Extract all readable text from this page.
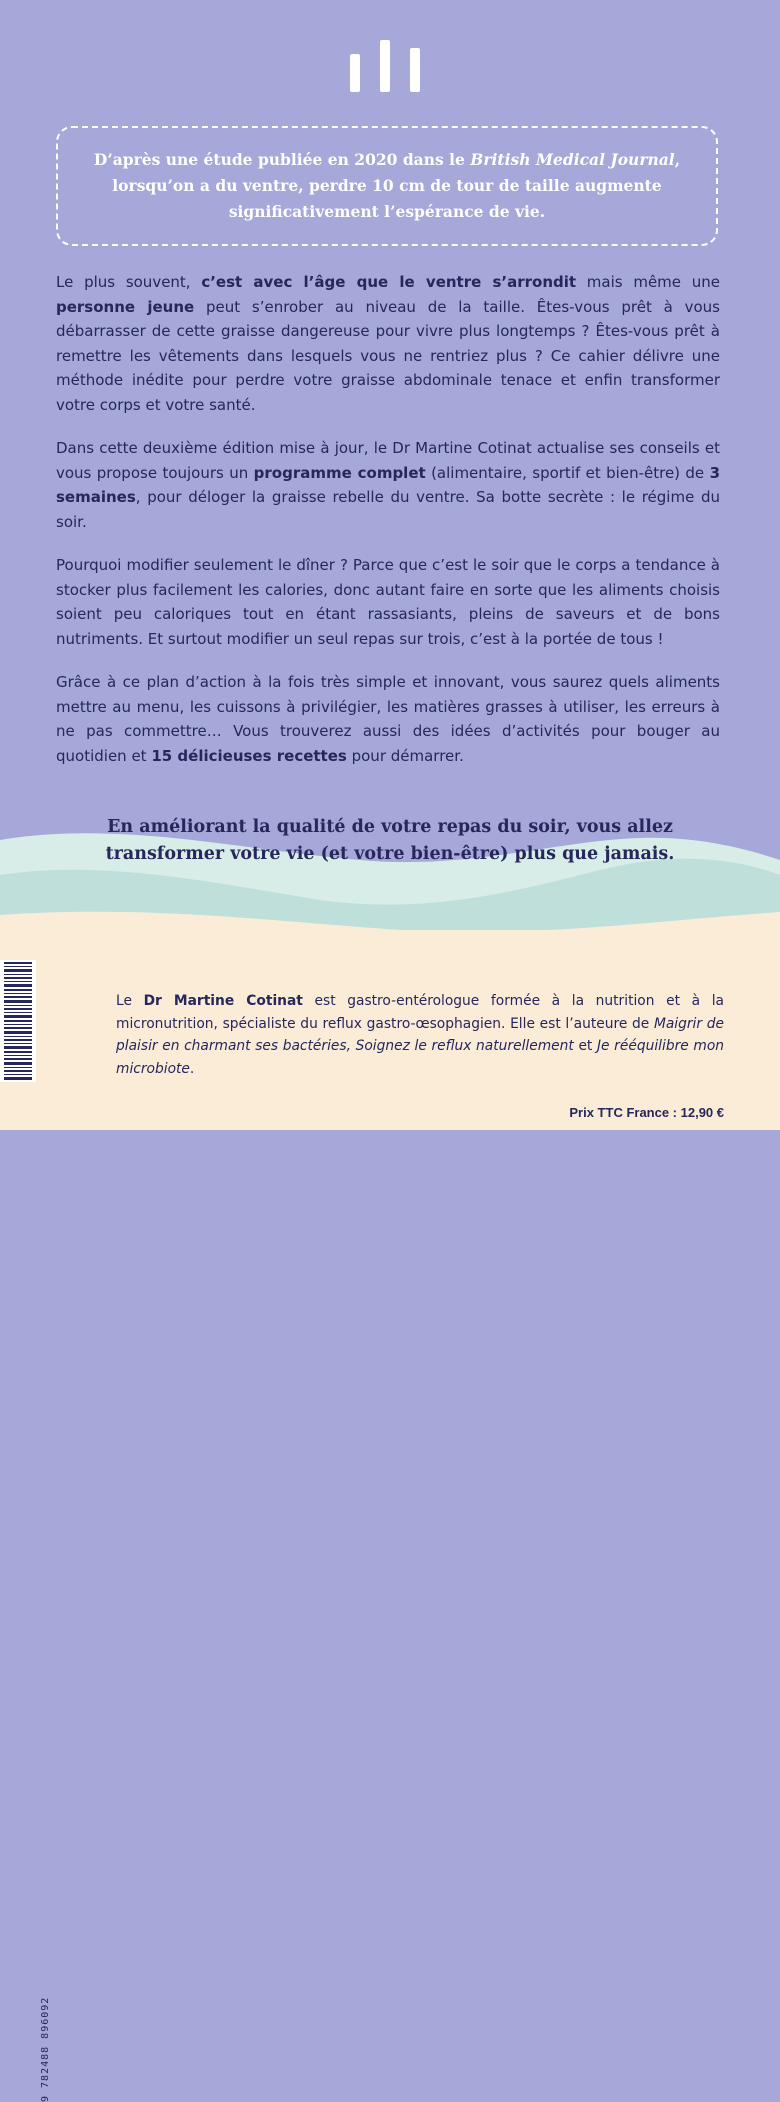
D’après une étude publiée en 2020 dans le British Medical Journal,
lorsqu’on a du ventre, perdre 10 cm de tour de taille augmente
significativement l’espérance de vie.

Le plus souvent, c’est avec l’âge que le ventre s’arrondit mais même une personne jeune peut s’enrober au niveau de la taille. Êtes-vous prêt à vous débarrasser de cette graisse dangereuse pour vivre plus longtemps ? Êtes-vous prêt à remettre les vêtements dans lesquels vous ne rentriez plus ? Ce cahier délivre une méthode inédite pour perdre votre graisse abdominale tenace et enfin transformer votre corps et votre santé.

Dans cette deuxième édition mise à jour, le Dr Martine Cotinat actualise ses conseils et vous propose toujours un programme complet (alimentaire, sportif et bien-être) de 3 semaines, pour déloger la graisse rebelle du ventre. Sa botte secrète : le régime du soir.

Pourquoi modifier seulement le dîner ? Parce que c’est le soir que le corps a tendance à stocker plus facilement les calories, donc autant faire en sorte que les aliments choisis soient peu caloriques tout en étant rassasiants, pleins de saveurs et de bons nutriments. Et surtout modifier un seul repas sur trois, c’est à la portée de tous !

Grâce à ce plan d’action à la fois très simple et innovant, vous saurez quels aliments mettre au menu, les cuissons à privilégier, les matières grasses à utiliser, les erreurs à ne pas commettre… Vous trouverez aussi des idées d’activités pour bouger au quotidien et 15 délicieuses recettes pour démarrer.

En améliorant la qualité de votre repas du soir, vous allez
transformer votre vie (et votre bien-être) plus que jamais.
9 782488 896092

Le Dr Martine Cotinat est gastro-entérologue formée à la nutrition et à la micronutrition, spécialiste du reflux gastro-œsophagien. Elle est l’auteure de Maigrir de plaisir en charmant ses bactéries, Soignez le reflux naturellement et Je rééquilibre mon microbiote.

Prix TTC France : 12,90 €
